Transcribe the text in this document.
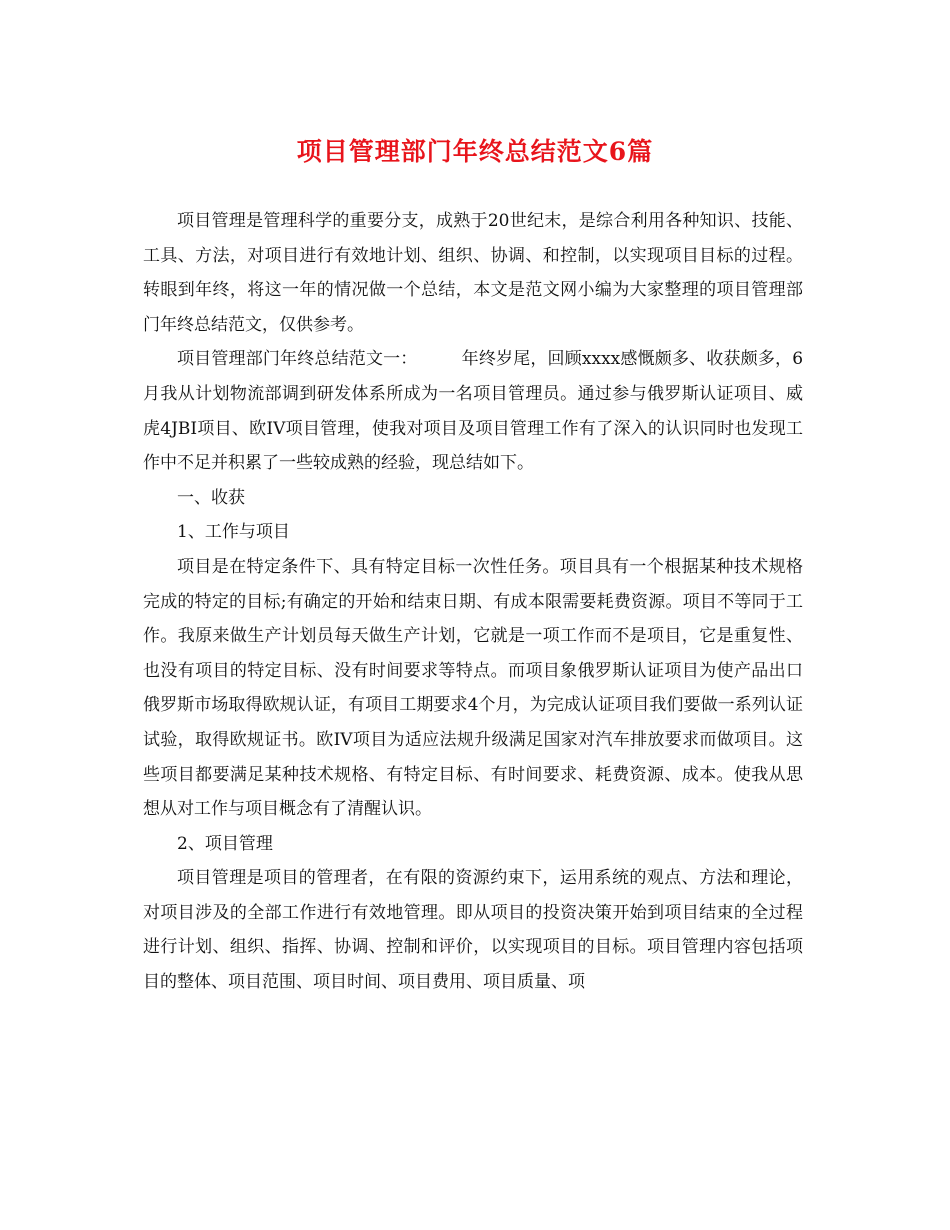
项目管理部门年终总结范文6篇

项目管理是管理科学的重要分支，成熟于20世纪末，是综合利用各种知识、技能、工具、方法，对项目进行有效地计划、组织、协调、和控制，以实现项目目标的过程。转眼到年终，将这一年的情况做一个总结，本文是范文网小编为大家整理的项目管理部门年终总结范文，仅供参考。

项目管理部门年终总结范文一：	年终岁尾，回顾xxxx感慨颇多、收获颇多，6月我从计划物流部调到研发体系所成为一名项目管理员。通过参与俄罗斯认证项目、威虎4JBI项目、欧IV项目管理，使我对项目及项目管理工作有了深入的认识同时也发现工作中不足并积累了一些较成熟的经验，现总结如下。

一、收获

1、工作与项目

项目是在特定条件下、具有特定目标一次性任务。项目具有一个根据某种技术规格完成的特定的目标;有确定的开始和结束日期、有成本限需要耗费资源。项目不等同于工作。我原来做生产计划员每天做生产计划，它就是一项工作而不是项目，它是重复性、也没有项目的特定目标、没有时间要求等特点。而项目象俄罗斯认证项目为使产品出口俄罗斯市场取得欧规认证，有项目工期要求4个月，为完成认证项目我们要做一系列认证试验，取得欧规证书。欧IV项目为适应法规升级满足国家对汽车排放要求而做项目。这些项目都要满足某种技术规格、有特定目标、有时间要求、耗费资源、成本。使我从思想从对工作与项目概念有了清醒认识。

2、项目管理

项目管理是项目的管理者，在有限的资源约束下，运用系统的观点、方法和理论，对项目涉及的全部工作进行有效地管理。即从项目的投资决策开始到项目结束的全过程进行计划、组织、指挥、协调、控制和评价，以实现项目的目标。项目管理内容包括项目的整体、项目范围、项目时间、项目费用、项目质量、项
